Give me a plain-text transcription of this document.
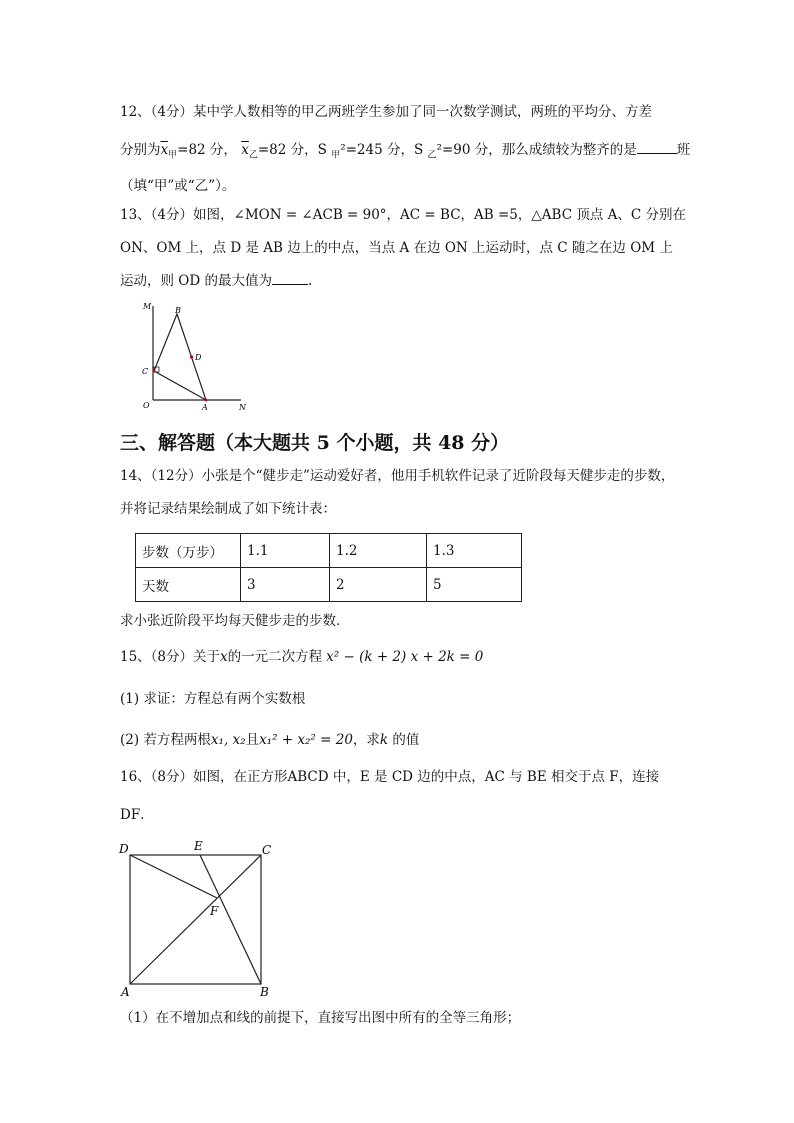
12、（4分）某中学人数相等的甲乙两班学生参加了同一次数学测试，两班的平均分、方差
分别为$\overline{x}_甲=82$ 分， $\overline{x}_乙=82$ 分，S $_甲$²=245 分，S $_乙$²=90 分，那么成绩较为整齐的是	班
（填“甲”或“乙”）。
13、（4分）如图，∠MON = ∠ACB = 90°，AC = BC，AB =5，△ABC 顶点 A、C 分别在
ON、OM 上，点 D 是 AB 边上的中点，当点 A 在边 ON 上运动时，点 C 随之在边 OM 上
运动，则 OD 的最大值为	.
M	B
D
C
O	A	N
三、解答题（本大题共 5 个小题，共 48 分）
14、（12分）小张是个“健步走”运动爱好者，他用手机软件记录了近阶段每天健步走的步数，
并将记录结果绘制成了如下统计表：
步数（万步）	1.1	1.2	1.3
天数	3	2	5
求小张近阶段平均每天健步走的步数．
15、（8分）关于x的一元二次方程 x² − (k + 2) x + 2k = 0
(1) 求证：方程总有两个实数根
(2) 若方程两根x₁, x₂且x₁² + x₂² = 20，求k 的值
16、（8分）如图，在正方形ABCD 中，E 是 CD 边的中点，AC 与 BE 相交于点 F，连接
DF．
D	E	C
F
A	B
（1）在不增加点和线的前提下，直接写出图中所有的全等三角形；
